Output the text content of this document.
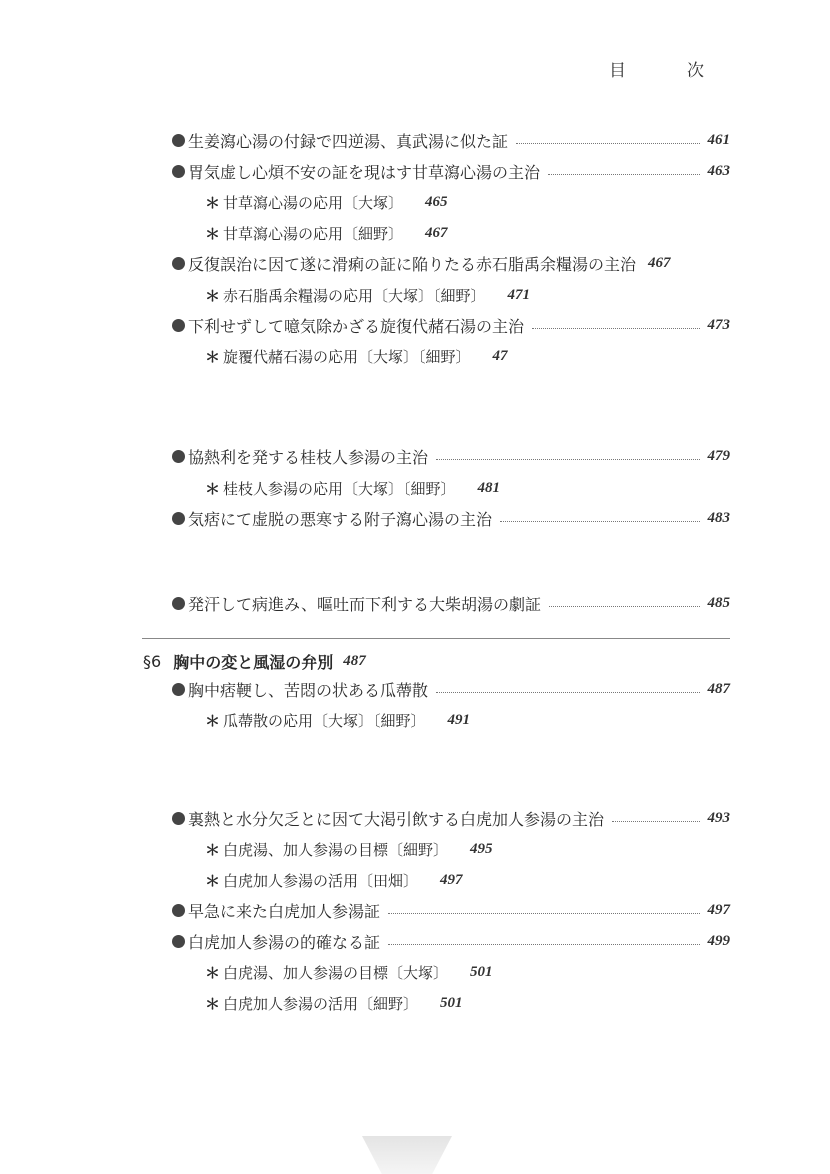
目　次
生姜瀉心湯の付録で四逆湯、真武湯に似た証	461
胃気虚し心煩不安の証を現はす甘草瀉心湯の主治	463
＊ 甘草瀉心湯の応用〔大塚〕 465
＊ 甘草瀉心湯の応用〔細野〕 467
反復誤治に因て遂に滑痢の証に陥りたる赤石脂禹余糧湯の主治 467
＊ 赤石脂禹余糧湯の応用〔大塚〕〔細野〕 471
下利せずして噫気除かざる旋復代赭石湯の主治	473
＊ 旋覆代赭石湯の応用〔大塚〕〔細野〕 47
協熱利を発する桂枝人参湯の主治	479
＊ 桂枝人参湯の応用〔大塚〕〔細野〕 481
気痞にて虚脱の悪寒する附子瀉心湯の主治	483
発汗して病進み、嘔吐而下利する大柴胡湯の劇証	485
§6 胸中の変と風湿の弁別 487
胸中痞鞕し、苦悶の状ある瓜蔕散	487
＊ 瓜蔕散の応用〔大塚〕〔細野〕 491
裏熱と水分欠乏とに因て大渇引飲する白虎加人参湯の主治	493
＊ 白虎湯、加人参湯の目標〔細野〕 495
＊ 白虎加人参湯の活用〔田畑〕 497
早急に来た白虎加人参湯証	497
白虎加人参湯の的確なる証	499
＊ 白虎湯、加人参湯の目標〔大塚〕 501
＊ 白虎加人参湯の活用〔細野〕 501
